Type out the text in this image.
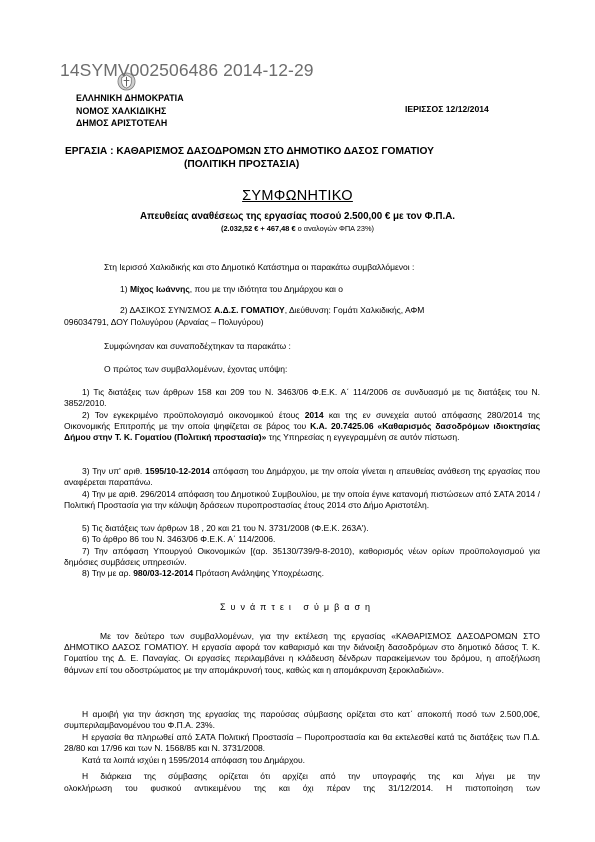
14SYMV002506486 2014-12-29
ΕΛΛΗΝΙΚΗ ΔΗΜΟΚΡΑΤΙΑ
ΝΟΜΟΣ ΧΑΛΚΙΔΙΚΗΣ
ΔΗΜΟΣ ΑΡΙΣΤΟΤΕΛΗ
ΙΕΡΙΣΣΟΣ 12/12/2014
ΕΡΓΑΣΙΑ : ΚΑΘΑΡΙΣΜΟΣ ΔΑΣΟΔΡΟΜΩΝ ΣΤΟ ΔΗΜΟΤΙΚΟ ΔΑΣΟΣ ΓΟΜΑΤΙΟΥ
(ΠΟΛΙΤΙΚΗ ΠΡΟΣΤΑΣΙΑ)
ΣΥΜΦΩΝΗΤΙΚΟ
Απευθείας αναθέσεως της εργασίας ποσού 2.500,00 € με τον Φ.Π.Α.
(2.032,52 € + 467,48 € ο αναλογών ΦΠΑ 23%)
Στη Ιερισσό Χαλκιδικής και στο Δημοτικό Κατάστημα οι παρακάτω συμβαλλόμενοι :
1) Μίχος Ιωάννης, που με την ιδιότητα του Δημάρχου και ο
2) ΔΑΣΙΚΟΣ ΣΥΝ/ΣΜΟΣ Α.Δ.Σ. ΓΟΜΑΤΙΟΥ, Διεύθυνση: Γομάτι Χαλκιδικής, ΑΦΜ
096034791, ΔΟΥ Πολυγύρου (Αρναίας – Πολυγύρου)
Συμφώνησαν και συναποδέχτηκαν τα παρακάτω :
Ο πρώτος των συμβαλλομένων, έχοντας υπόψη:
1) Τις διατάξεις των άρθρων 158 και 209 του Ν. 3463/06 Φ.Ε.Κ. Α΄ 114/2006 σε συνδυασμό με τις διατάξεις του Ν. 3852/2010.
2) Τον εγκεκριμένο προϋπολογισμό οικονομικού έτους 2014 και της εν συνεχεία αυτού απόφασης 280/2014 της Οικονομικής Επιτροπής με την οποία ψηφίζεται σε βάρος του Κ.Α. 20.7425.06 «Καθαρισμός δασοδρόμων ιδιοκτησίας Δήμου στην Τ. Κ. Γοματίου (Πολιτική προστασία)» της Υπηρεσίας η εγγεγραμμένη σε αυτόν πίστωση.
3) Την υπ' αριθ. 1595/10-12-2014 απόφαση του Δημάρχου, με την οποία γίνεται η απευθείας ανάθεση της εργασίας που αναφέρεται παραπάνω.
4) Την με αριθ. 296/2014 απόφαση του Δημοτικού Συμβουλίου, με την οποία έγινε κατανομή πιστώσεων από ΣΑΤΑ 2014 / Πολιτική Προστασία για την κάλυψη δράσεων πυροπροστασίας έτους 2014 στο Δήμο Αριστοτέλη.
5) Τις διατάξεις των άρθρων 18 , 20 και 21 του Ν. 3731/2008 (Φ.Ε.Κ. 263Α').
6) Το άρθρο 86 του Ν. 3463/06 Φ.Ε.Κ. Α΄ 114/2006.
7) Την απόφαση Υπουργού Οικονομικών [(αρ. 35130/739/9-8-2010), καθορισμός νέων ορίων προϋπολογισμού για δημόσιες συμβάσεις υπηρεσιών.
8) Την με αρ. 980/03-12-2014 Πρόταση Ανάληψης Υποχρέωσης.
Συνάπτει σύμβαση
Με τον δεύτερο των συμβαλλομένων, για την εκτέλεση της εργασίας «ΚΑΘΑΡΙΣΜΟΣ ΔΑΣΟΔΡΟΜΩΝ ΣΤΟ ΔΗΜΟΤΙΚΟ ΔΑΣΟΣ ΓΟΜΑΤΙΟΥ. Η εργασία αφορά τον καθαρισμό και την διάνοιξη δασοδρόμων στο δημοτικό δάσος Τ. Κ. Γοματίου της Δ. Ε. Παναγίας. Οι εργασίες περιλαμβάνει η κλάδευση δένδρων παρακείμενων του δρόμου, η αποξήλωση θάμνων επί του οδοστρώματος με την απομάκρυνσή τους, καθώς και η απομάκρυνση ξεροκλαδιών».
Η αμοιβή για την άσκηση της εργασίας της παρούσας σύμβασης ορίζεται στο κατ΄ αποκοπή ποσό των 2.500,00€, συμπεριλαμβανομένου του Φ.Π.Α. 23%.
Η εργασία θα πληρωθεί από ΣΑΤΑ Πολιτική Προστασία – Πυροπροστασία και θα εκτελεσθεί κατά τις διατάξεις των Π.Δ. 28/80 και 17/96 και των Ν. 1568/85 και Ν. 3731/2008.
Κατά τα λοιπά ισχύει η 1595/2014 απόφαση του Δημάρχου.
Η διάρκεια της σύμβασης ορίζεται ότι αρχίζει από την υπογραφής της και λήγει με την
ολοκλήρωση του φυσικού αντικειμένου της και όχι πέραν της 31/12/2014. Η πιστοποίηση των
